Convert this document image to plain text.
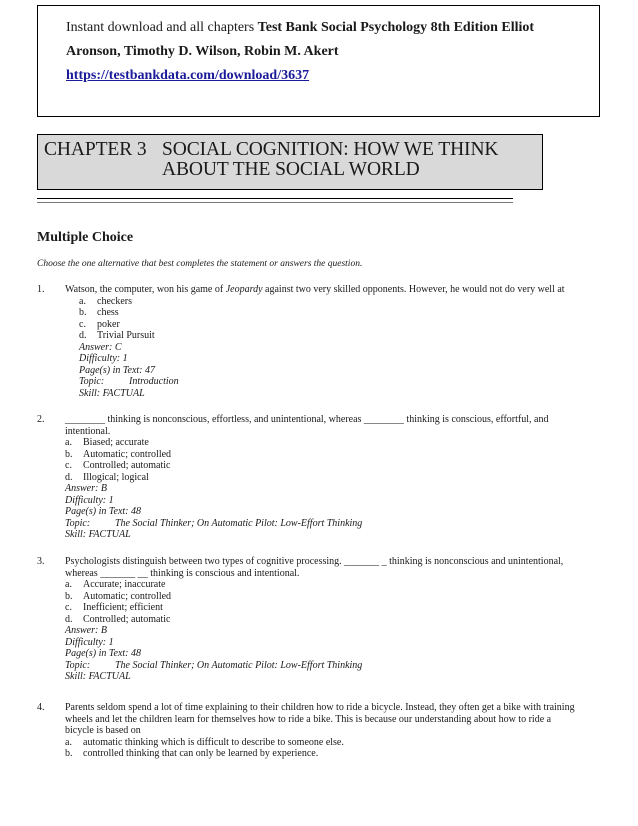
Instant download and all chapters Test Bank Social Psychology 8th Edition Elliot
Aronson, Timothy D. Wilson, Robin M. Akert
https://testbankdata.com/download/3637
CHAPTER 3 SOCIAL COGNITION: HOW WE THINK
ABOUT THE SOCIAL WORLD
Multiple Choice
Choose the one alternative that best completes the statement or answers the question.
1. Watson, the computer, won his game of Jeopardy against two very skilled opponents. However, he would not do very well at
a. checkers
b. chess
c. poker
d. Trivial Pursuit
Answer: C
Difficulty: 1
Page(s) in Text: 47
Topic: Introduction
Skill: FACTUAL
2. ________ thinking is nonconscious, effortless, and unintentional, whereas ________ thinking is conscious, effortful, and
intentional.
a. Biased; accurate
b. Automatic; controlled
c. Controlled; automatic
d. Illogical; logical
Answer: B
Difficulty: 1
Page(s) in Text: 48
Topic: The Social Thinker; On Automatic Pilot: Low-Effort Thinking
Skill: FACTUAL
3. Psychologists distinguish between two types of cognitive processing. _______ _ thinking is nonconscious and unintentional,
whereas _______ __ thinking is conscious and intentional.
a. Accurate; inaccurate
b. Automatic; controlled
c. Inefficient; efficient
d. Controlled; automatic
Answer: B
Difficulty: 1
Page(s) in Text: 48
Topic: The Social Thinker; On Automatic Pilot: Low-Effort Thinking
Skill: FACTUAL
4. Parents seldom spend a lot of time explaining to their children how to ride a bicycle. Instead, they often get a bike with training
wheels and let the children learn for themselves how to ride a bike. This is because our understanding about how to ride a
bicycle is based on
a. automatic thinking which is difficult to describe to someone else.
b. controlled thinking that can only be learned by experience.
